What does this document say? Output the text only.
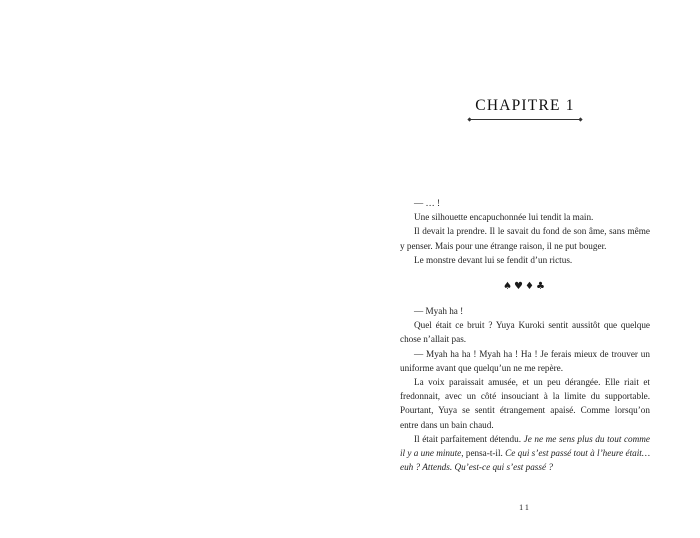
CHAPITRE 1

— … !

Une silhouette encapuchonnée lui tendit la main.

Il devait la prendre. Il le savait du fond de son âme, sans même y penser. Mais pour une étrange raison, il ne put bouger.

Le monstre devant lui se fendit d’un rictus.

♠♥♦♣

— Myah ha !

Quel était ce bruit ? Yuya Kuroki sentit aussitôt que quelque chose n’allait pas.

— Myah ha ha ! Myah ha ! Ha ! Je ferais mieux de trouver un uniforme avant que quelqu’un ne me repère.

La voix paraissait amusée, et un peu dérangée. Elle riait et fredonnait, avec un côté insouciant à la limite du supportable. Pourtant, Yuya se sentit étrangement apaisé. Comme lorsqu’on entre dans un bain chaud.

Il était parfaitement détendu. Je ne me sens plus du tout comme il y a une minute, pensa-t-il. Ce qui s’est passé tout à l’heure était… euh ? Attends. Qu’est-ce qui s’est passé ?

11
